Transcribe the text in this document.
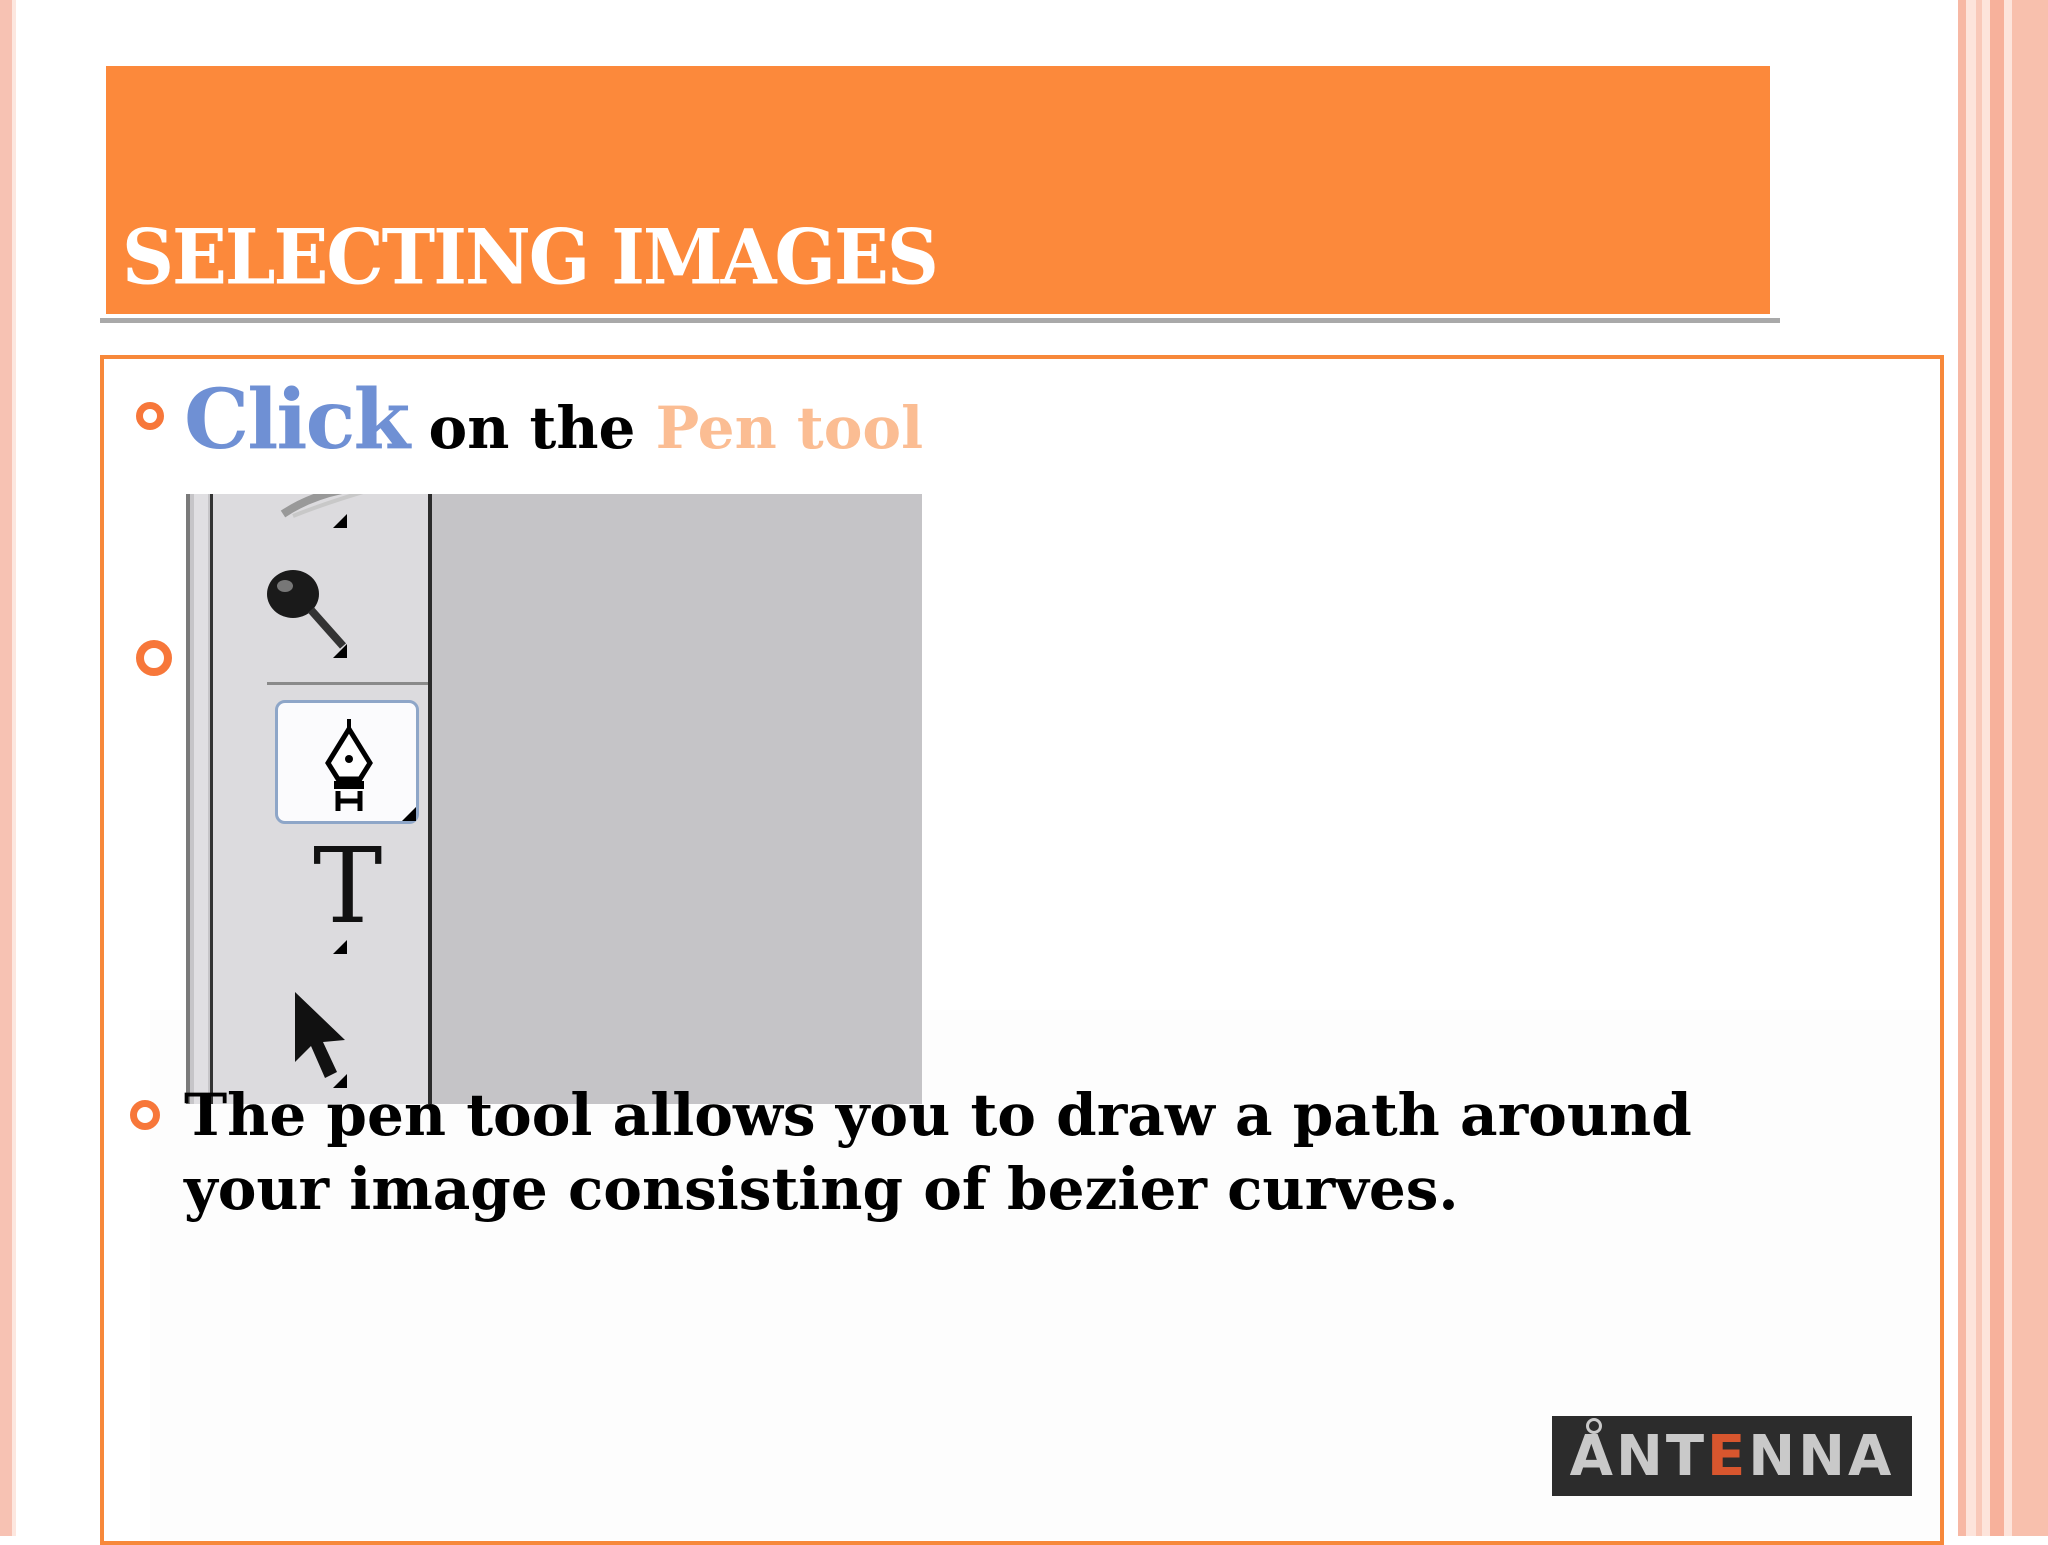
SELECTING IMAGES
Click on the Pen tool
T
The pen tool allows you to draw a path around your image consisting of bezier curves.
ANTENNA
